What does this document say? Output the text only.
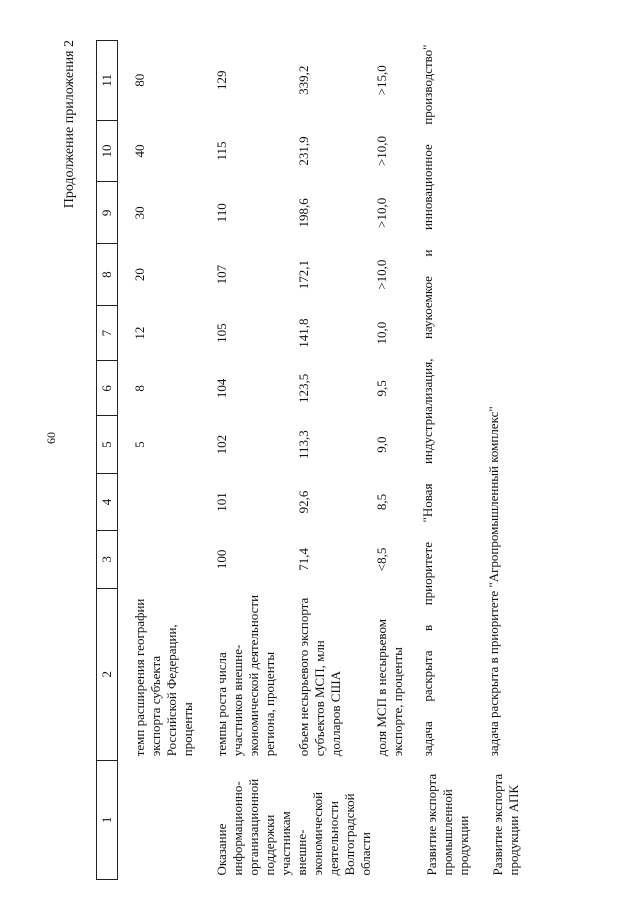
60
Продолжение приложения 2
1	2	3	4	5	6	7	8	9	10	11
	темп расширения географии экспорта субъекта Российской Федерации, проценты			5	8	12	20	30	40	80
Оказание информационно-организационной поддержки участникам внешне-экономической деятельности Волгоградской области	темпы роста числа участников внешне-экономической деятельности региона, проценты	100	101	102	104	105	107	110	115	129
	объем несырьевого экспорта субъектов МСП, млн долларов США	71,4	92,6	113,3	123,5	141,8	172,1	198,6	231,9	339,2
	доля МСП в несырьевом экспорте, проценты	<8,5	8,5	9,0	9,5	10,0	>10,0	>10,0	>10,0	>15,0
Развитие экспорта промышленной продукции	задача раскрыта в приоритете "Новая индустриализация, наукоемкое и инновационное производство"									
Развитие экспорта продукции АПК	задача раскрыта в приоритете "Агропромышленный комплекс"									
